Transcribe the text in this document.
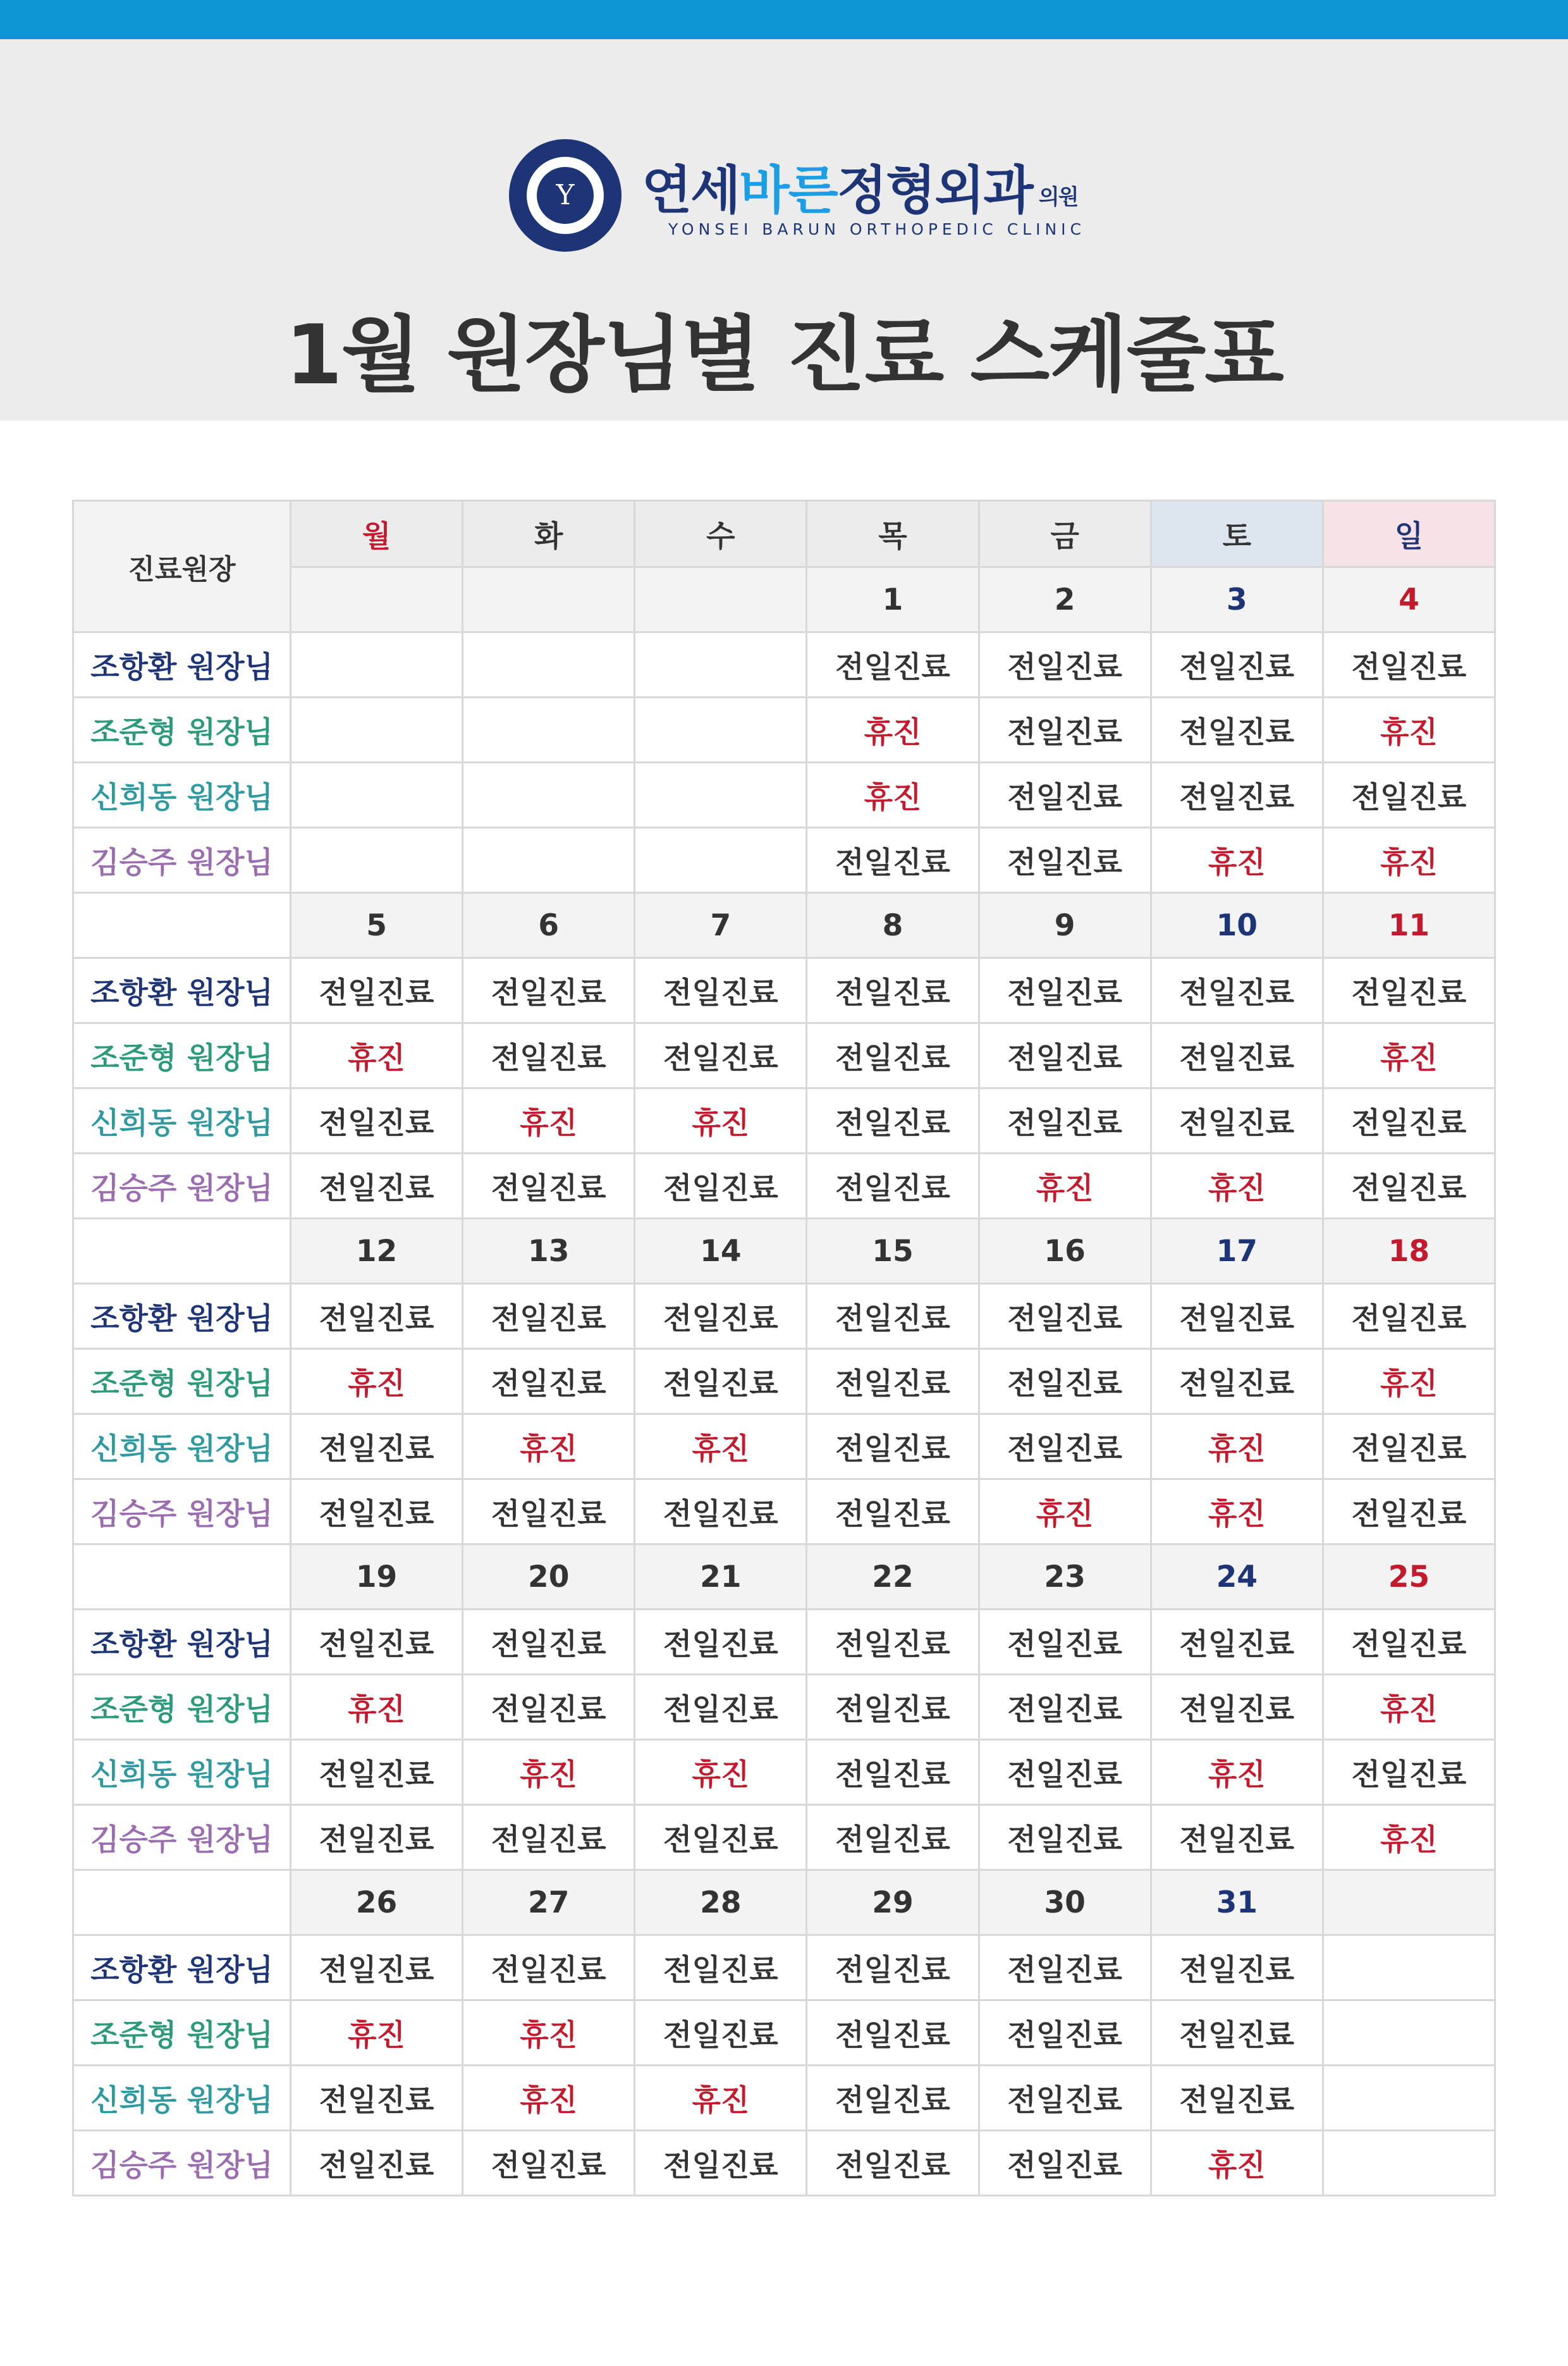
Y	연세바른정형외과 의원
YONSEI BARUN ORTHOPEDIC CLINIC
1월 원장님별 진료 스케줄표
진료원장	월	화	수	목	금	토	일
				1	2	3	4
조항환 원장님				전일진료	전일진료	전일진료	전일진료
조준형 원장님				휴진	전일진료	전일진료	휴진
신희동 원장님				휴진	전일진료	전일진료	전일진료
김승주 원장님				전일진료	전일진료	휴진	휴진
	5	6	7	8	9	10	11
조항환 원장님	전일진료	전일진료	전일진료	전일진료	전일진료	전일진료	전일진료
조준형 원장님	휴진	전일진료	전일진료	전일진료	전일진료	전일진료	휴진
신희동 원장님	전일진료	휴진	휴진	전일진료	전일진료	전일진료	전일진료
김승주 원장님	전일진료	전일진료	전일진료	전일진료	휴진	휴진	전일진료
	12	13	14	15	16	17	18
조항환 원장님	전일진료	전일진료	전일진료	전일진료	전일진료	전일진료	전일진료
조준형 원장님	휴진	전일진료	전일진료	전일진료	전일진료	전일진료	휴진
신희동 원장님	전일진료	휴진	휴진	전일진료	전일진료	휴진	전일진료
김승주 원장님	전일진료	전일진료	전일진료	전일진료	휴진	휴진	전일진료
	19	20	21	22	23	24	25
조항환 원장님	전일진료	전일진료	전일진료	전일진료	전일진료	전일진료	전일진료
조준형 원장님	휴진	전일진료	전일진료	전일진료	전일진료	전일진료	휴진
신희동 원장님	전일진료	휴진	휴진	전일진료	전일진료	휴진	전일진료
김승주 원장님	전일진료	전일진료	전일진료	전일진료	전일진료	전일진료	휴진
	26	27	28	29	30	31	
조항환 원장님	전일진료	전일진료	전일진료	전일진료	전일진료	전일진료	
조준형 원장님	휴진	휴진	전일진료	전일진료	전일진료	전일진료	
신희동 원장님	전일진료	휴진	휴진	전일진료	전일진료	전일진료	
김승주 원장님	전일진료	전일진료	전일진료	전일진료	전일진료	휴진	
